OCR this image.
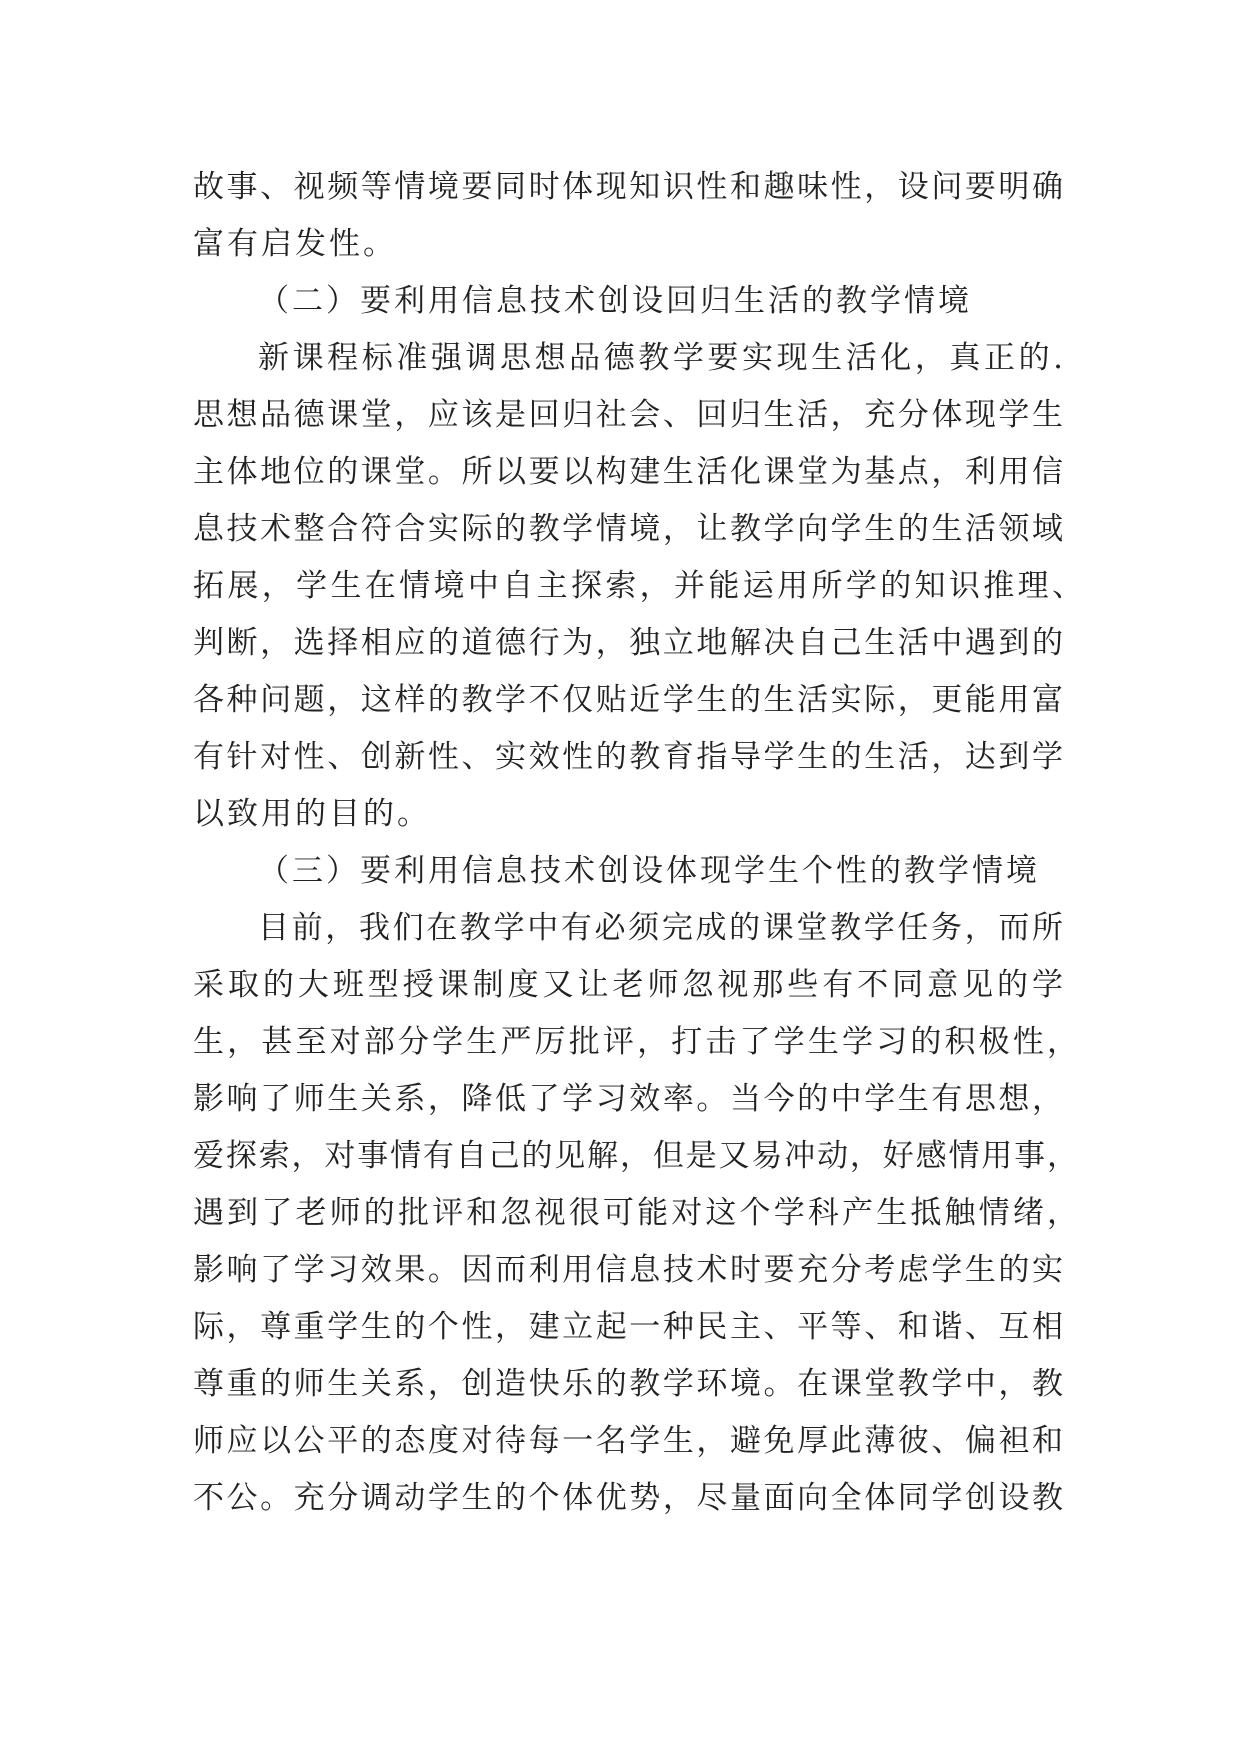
故事、视频等情境要同时体现知识性和趣味性，设问要明确
富有启发性。
（二）要利用信息技术创设回归生活的教学情境
新课程标准强调思想品德教学要实现生活化，真正的.
思想品德课堂，应该是回归社会、回归生活，充分体现学生
主体地位的课堂。所以要以构建生活化课堂为基点，利用信
息技术整合符合实际的教学情境，让教学向学生的生活领域
拓展，学生在情境中自主探索，并能运用所学的知识推理、
判断，选择相应的道德行为，独立地解决自己生活中遇到的
各种问题，这样的教学不仅贴近学生的生活实际，更能用富
有针对性、创新性、实效性的教育指导学生的生活，达到学
以致用的目的。
（三）要利用信息技术创设体现学生个性的教学情境
目前，我们在教学中有必须完成的课堂教学任务，而所
采取的大班型授课制度又让老师忽视那些有不同意见的学
生，甚至对部分学生严厉批评，打击了学生学习的积极性，
影响了师生关系，降低了学习效率。当今的中学生有思想，
爱探索，对事情有自己的见解，但是又易冲动，好感情用事，
遇到了老师的批评和忽视很可能对这个学科产生抵触情绪，
影响了学习效果。因而利用信息技术时要充分考虑学生的实
际，尊重学生的个性，建立起一种民主、平等、和谐、互相
尊重的师生关系，创造快乐的教学环境。在课堂教学中，教
师应以公平的态度对待每一名学生，避免厚此薄彼、偏袒和
不公。充分调动学生的个体优势，尽量面向全体同学创设教
